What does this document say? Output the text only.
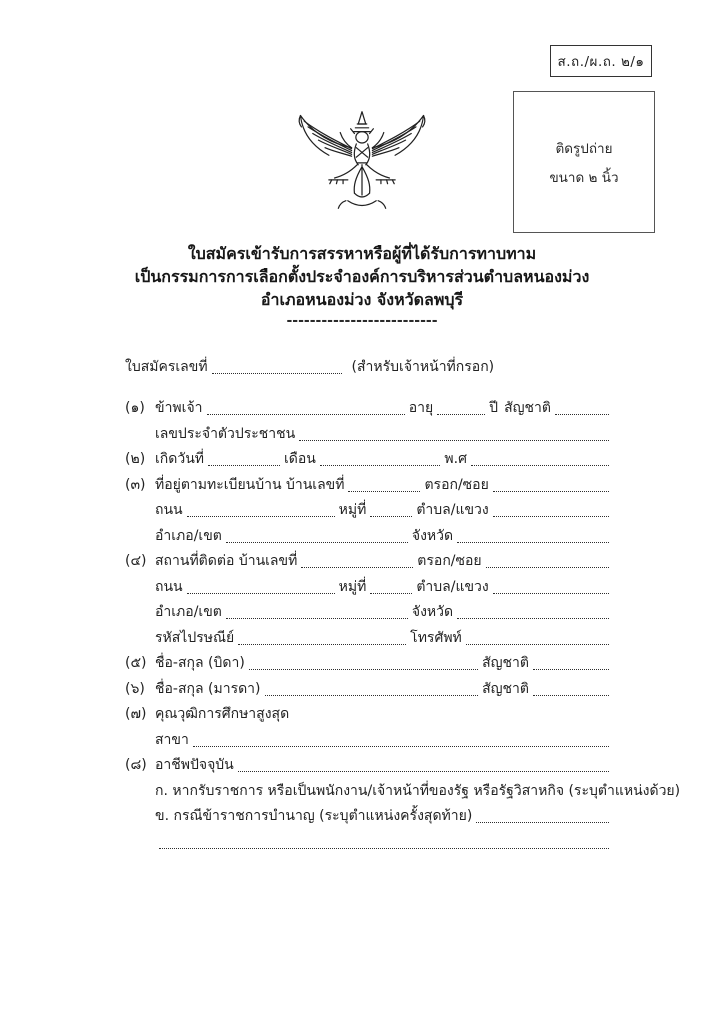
ส.ถ./ผ.ถ. ๒/๑
ติดรูปถ่าย
ขนาด ๒ นิ้ว
ใบสมัครเข้ารับการสรรหาหรือผู้ที่ได้รับการทาบทาม
เป็นกรรมการการเลือกตั้งประจำองค์การบริหารส่วนตำบลหนองม่วง
อำเภอหนองม่วง จังหวัดลพบุรี
--------------------------
ใบสมัครเลขที่	(สำหรับเจ้าหน้าที่กรอก)
(๑) ข้าพเจ้า	อายุ	ปี สัญชาติ
เลขประจำตัวประชาชน
(๒) เกิดวันที่	เดือน	พ.ศ
(๓) ที่อยู่ตามทะเบียนบ้าน บ้านเลขที่	ตรอก/ซอย
ถนน	หมู่ที่	ตำบล/แขวง
อำเภอ/เขต	จังหวัด
(๔) สถานที่ติดต่อ บ้านเลขที่	ตรอก/ซอย
ถนน	หมู่ที่	ตำบล/แขวง
อำเภอ/เขต	จังหวัด
รหัสไปรษณีย์	โทรศัพท์
(๕) ชื่อ-สกุล (บิดา)	สัญชาติ
(๖) ชื่อ-สกุล (มารดา)	สัญชาติ
(๗) คุณวุฒิการศึกษาสูงสุด
สาขา
(๘) อาชีพปัจจุบัน
ก. หากรับราชการ หรือเป็นพนักงาน/เจ้าหน้าที่ของรัฐ หรือรัฐวิสาหกิจ (ระบุตำแหน่งด้วย)
ข. กรณีข้าราชการบำนาญ (ระบุตำแหน่งครั้งสุดท้าย)
